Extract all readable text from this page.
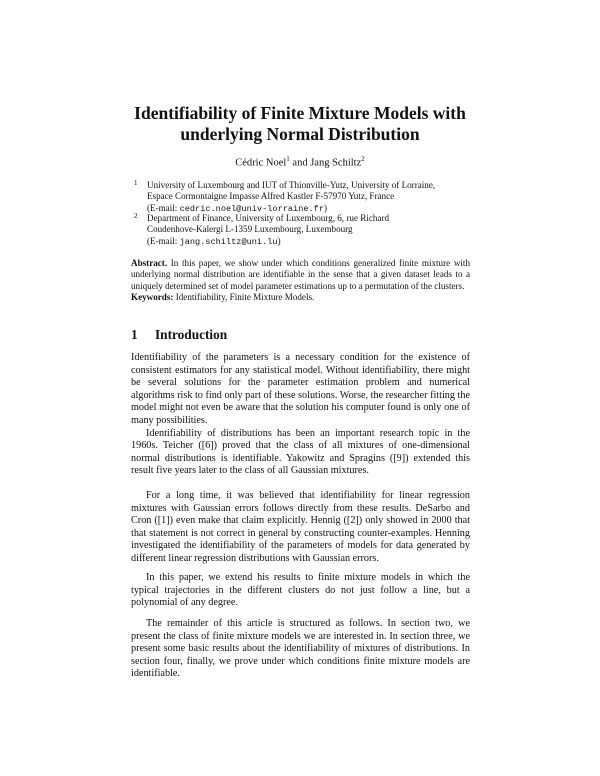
Identifiability of Finite Mixture Models with
underlying Normal Distribution
Cédric Noel$^1$ and Jang Schiltz$^2$
1 University of Luxembourg and IUT of Thionville-Yutz, University of Lorraine,
Espace Cormontaigne Impasse Alfred Kastler F-57970 Yutz, France
(E-mail: cedric.noel@univ-lorraine.fr)
2 Department of Finance, University of Luxembourg, 6, rue Richard
Coudenhove-Kalergi L-1359 Luxembourg, Luxembourg
(E-mail: jang.schiltz@uni.lu)
Abstract. In this paper, we show under which conditions generalized finite mixture with underlying normal distribution are identifiable in the sense that a given dataset leads to a uniquely determined set of model parameter estimations up to a permutation of the clusters.
Keywords: Identifiability, Finite Mixture Models.
1 Introduction

Identifiability of the parameters is a necessary condition for the existence of consistent estimators for any statistical model. Without identifiability, there might be several solutions for the parameter estimation problem and numerical algorithms risk to find only part of these solutions. Worse, the researcher fitting the model might not even be aware that the solution his computer found is only one of many possibilities.

Identifiability of distributions has been an important research topic in the 1960s. Teicher ([6]) proved that the class of all mixtures of one-dimensional normal distributions is identifiable. Yakowitz and Spragins ([9]) extended this result five years later to the class of all Gaussian mixtures.

For a long time, it was believed that identifiability for linear regression mixtures with Gaussian errors follows directly from these results. DeSarbo and Cron ([1]) even make that claim explicitly. Hennig ([2]) only showed in 2000 that that statement is not correct in general by constructing counter-examples. Henning investigated the identifiability of the parameters of models for data generated by different linear regression distributions with Gaussian errors.

In this paper, we extend his results to finite mixture models in which the typical trajectories in the different clusters do not just follow a line, but a polynomial of any degree.

The remainder of this article is structured as follows. In section two, we present the class of finite mixture models we are interested in. In section three, we present some basic results about the identifiability of mixtures of distributions. In section four, finally, we prove under which conditions finite mixture models are identifiable.
